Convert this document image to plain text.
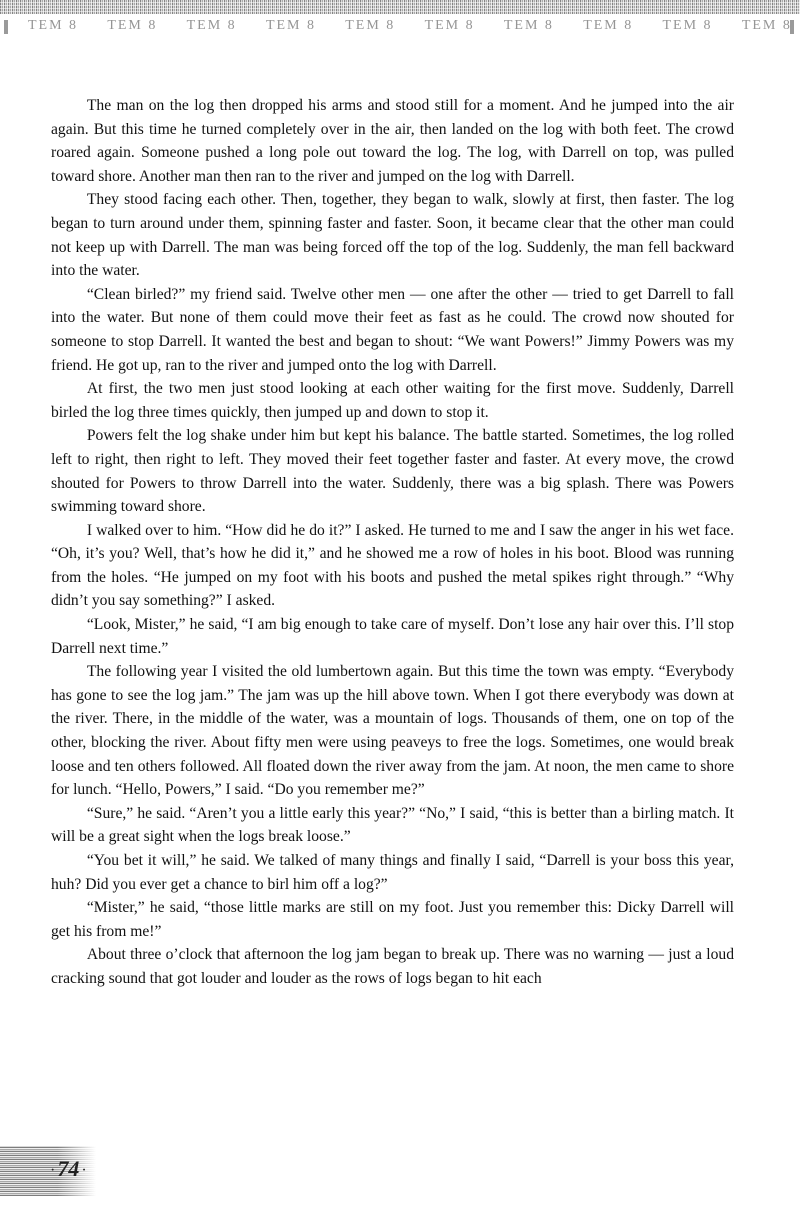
TEM 8 TEM 8 TEM 8 TEM 8 TEM 8 TEM 8 TEM 8 TEM 8 TEM 8 TEM 8

The man on the log then dropped his arms and stood still for a moment. And he jumped into the air again. But this time he turned completely over in the air, then landed on the log with both feet. The crowd roared again. Someone pushed a long pole out toward the log. The log, with Darrell on top, was pulled toward shore. Another man then ran to the river and jumped on the log with Darrell.

They stood facing each other. Then, together, they began to walk, slowly at first, then faster. The log began to turn around under them, spinning faster and faster. Soon, it became clear that the other man could not keep up with Darrell. The man was being forced off the top of the log. Suddenly, the man fell backward into the water.

“Clean birled?” my friend said. Twelve other men — one after the other — tried to get Darrell to fall into the water. But none of them could move their feet as fast as he could. The crowd now shouted for someone to stop Darrell. It wanted the best and began to shout: “We want Powers!” Jimmy Powers was my friend. He got up, ran to the river and jumped onto the log with Darrell.

At first, the two men just stood looking at each other waiting for the first move. Suddenly, Darrell birled the log three times quickly, then jumped up and down to stop it.

Powers felt the log shake under him but kept his balance. The battle started. Sometimes, the log rolled left to right, then right to left. They moved their feet together faster and faster. At every move, the crowd shouted for Powers to throw Darrell into the water. Suddenly, there was a big splash. There was Powers swimming toward shore.

I walked over to him. “How did he do it?” I asked. He turned to me and I saw the anger in his wet face. “Oh, it’s you? Well, that’s how he did it,” and he showed me a row of holes in his boot. Blood was running from the holes. “He jumped on my foot with his boots and pushed the metal spikes right through.” “Why didn’t you say something?” I asked.

“Look, Mister,” he said, “I am big enough to take care of myself. Don’t lose any hair over this. I’ll stop Darrell next time.”

The following year I visited the old lumbertown again. But this time the town was empty. “Everybody has gone to see the log jam.” The jam was up the hill above town. When I got there everybody was down at the river. There, in the middle of the water, was a mountain of logs. Thousands of them, one on top of the other, blocking the river. About fifty men were using peaveys to free the logs. Sometimes, one would break loose and ten others followed. All floated down the river away from the jam. At noon, the men came to shore for lunch. “Hello, Powers,” I said. “Do you remember me?”

“Sure,” he said. “Aren’t you a little early this year?” “No,” I said, “this is better than a birling match. It will be a great sight when the logs break loose.”

“You bet it will,” he said. We talked of many things and finally I said, “Darrell is your boss this year, huh? Did you ever get a chance to birl him off a log?”

“Mister,” he said, “those little marks are still on my foot. Just you remember this: Dicky Darrell will get his from me!”

About three o’clock that afternoon the log jam began to break up. There was no warning — just a loud cracking sound that got louder and louder as the rows of logs began to hit each

·74 ·
